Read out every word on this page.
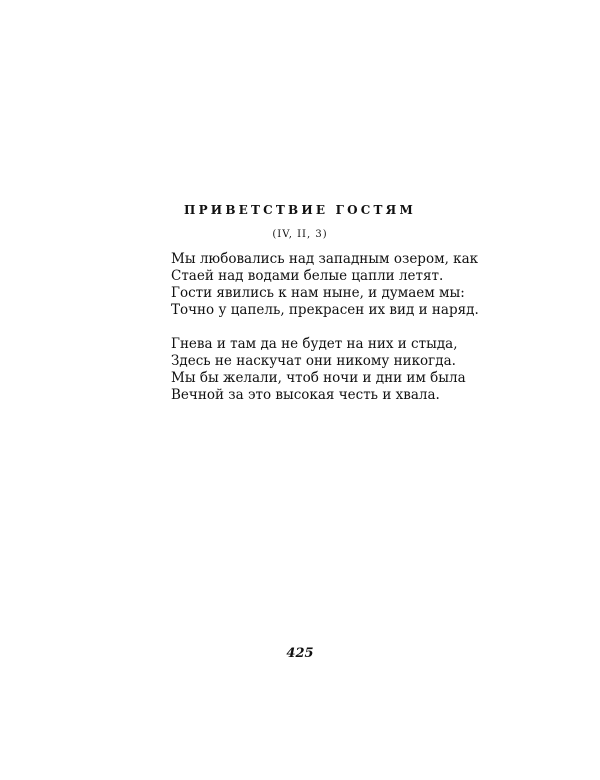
ПРИВЕТСТВИЕ ГОСТЯМ
(IV, II, 3)

Мы любовались над западным озером, как
Стаей над водами белые цапли летят.
Гости явились к нам ныне, и думаем мы:
Точно у цапель, прекрасен их вид и наряд.

Гнева и там да не будет на них и стыда,
Здесь не наскучат они никому никогда.
Мы бы желали, чтоб ночи и дни им была
Вечной за это высокая честь и хвала.

425
